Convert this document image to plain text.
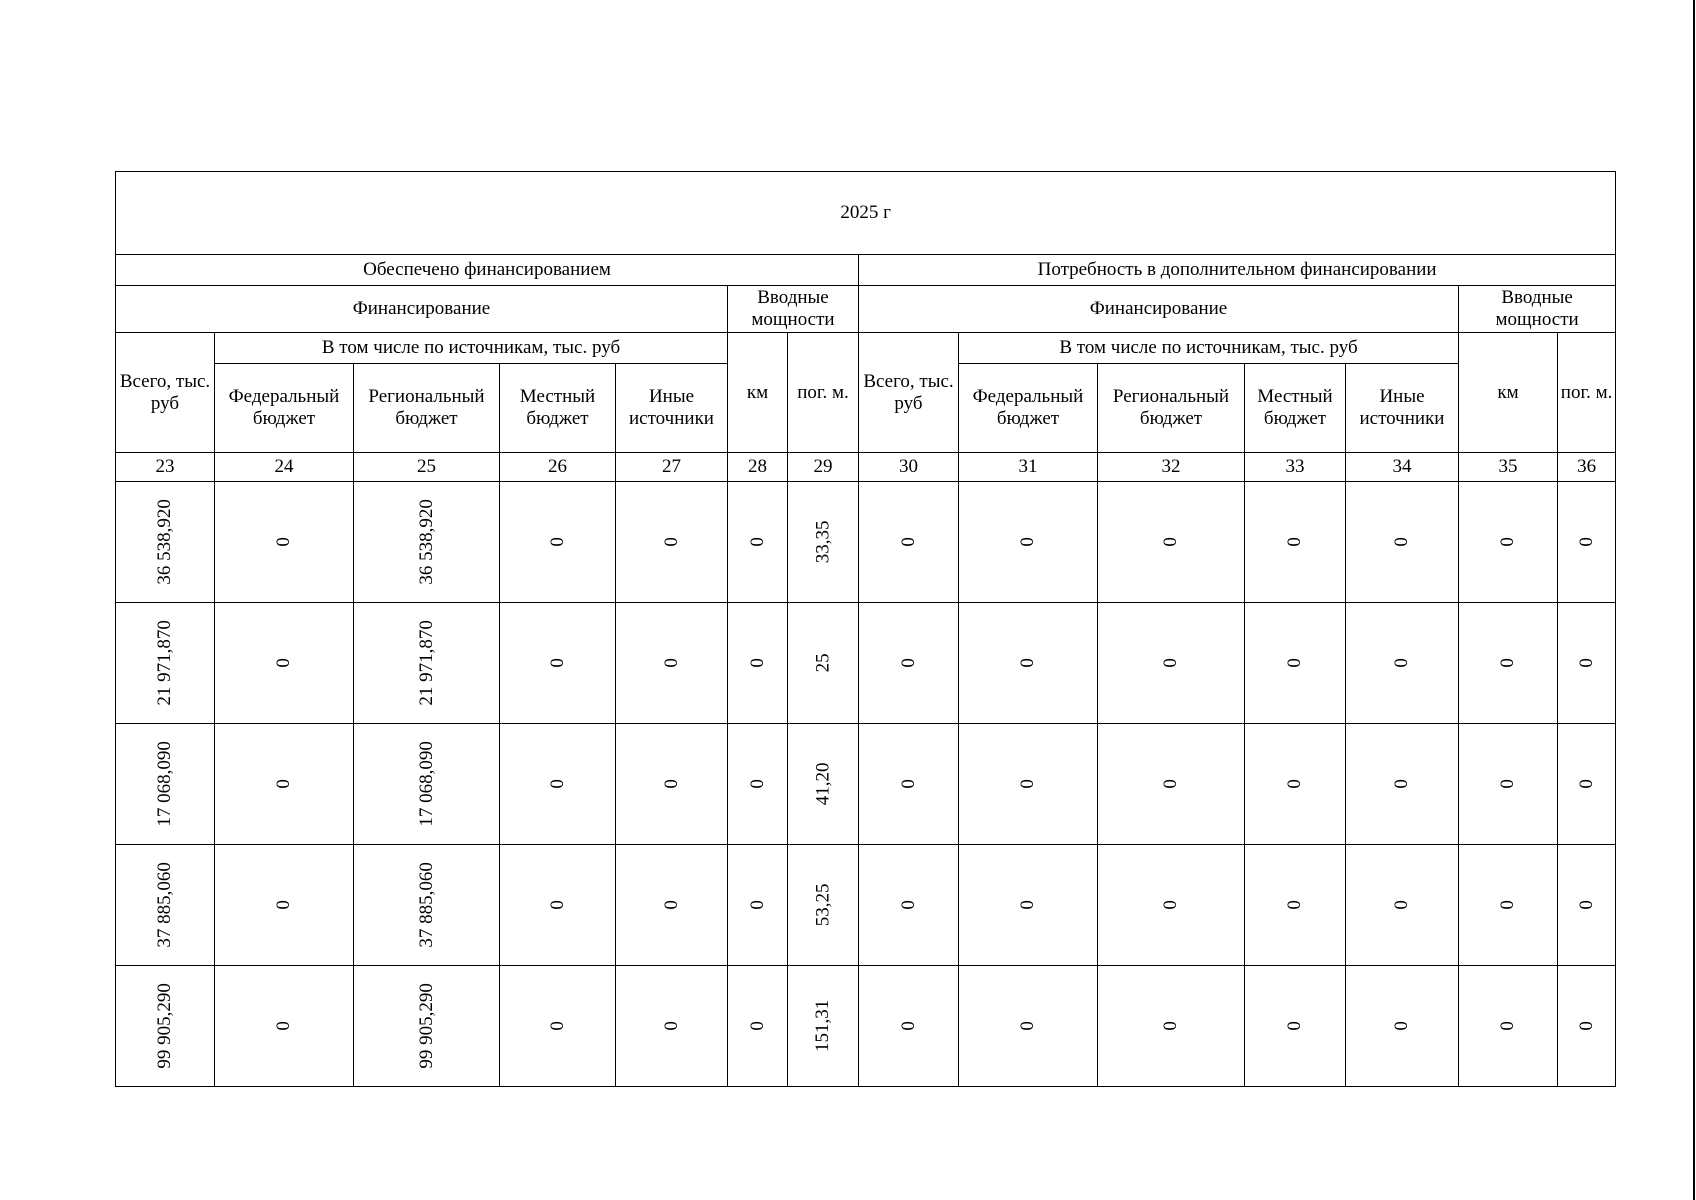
2025 г													
Обеспечено финансированием							Потребность в дополнительном финансировании						
Финансирование					Вводные мощности		Финансирование					Вводные мощности	
Всего, тыс. руб	В том числе по источникам, тыс. руб				км	пог. м.	Всего, тыс. руб	В том числе по источникам, тыс. руб				км	пог. м.
	Федеральный бюджет	Региональный бюджет	Местный бюджет	Иные источники				Федеральный бюджет	Региональный бюджет	Местный бюджет	Иные источники		
23	24	25	26	27	28	29	30	31	32	33	34	35	36
36 538,920	0	36 538,920	0	0	0	33,35	0	0	0	0	0	0	0
21 971,870	0	21 971,870	0	0	0	25	0	0	0	0	0	0	0
17 068,090	0	17 068,090	0	0	0	41,20	0	0	0	0	0	0	0
37 885,060	0	37 885,060	0	0	0	53,25	0	0	0	0	0	0	0
99 905,290	0	99 905,290	0	0	0	151,31	0	0	0	0	0	0	0
